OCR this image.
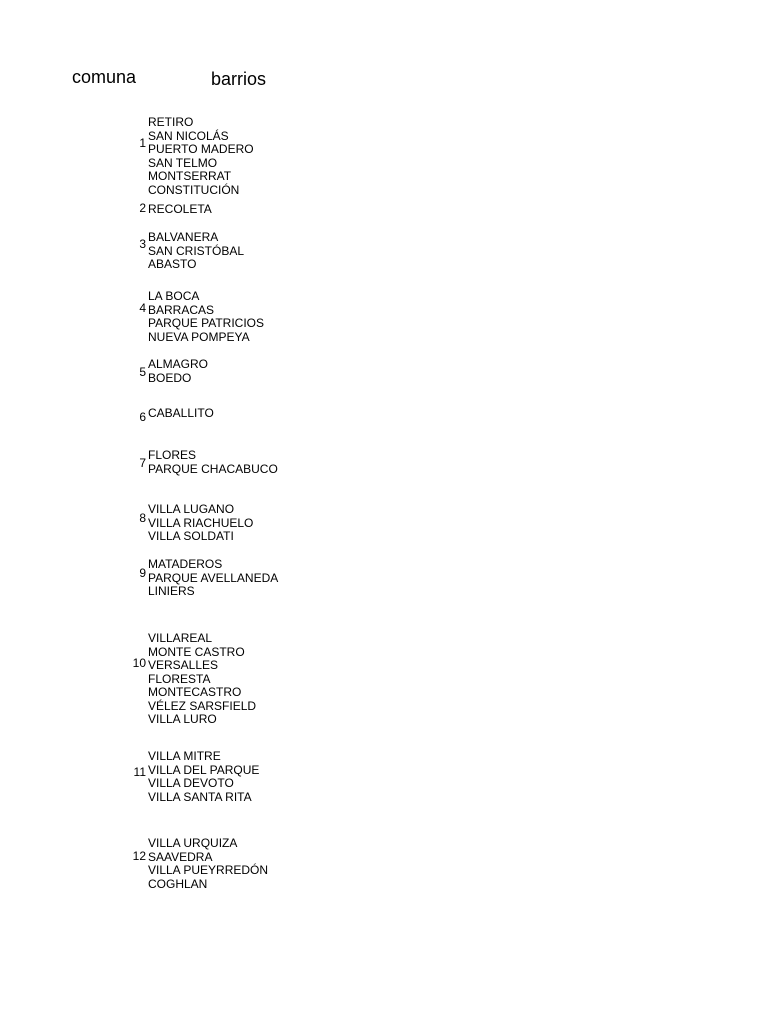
comuna	barrios
1
RETIRO
SAN NICOLÁS
PUERTO MADERO
SAN TELMO
MONTSERRAT
CONSTITUCIÓN
2 RECOLETA
3 BALVANERA
SAN CRISTÓBAL
ABASTO
4
LA BOCA
BARRACAS
PARQUE PATRICIOS
NUEVA POMPEYA
5
ALMAGRO
BOEDO
6 CABALLITO
7
FLORES
PARQUE CHACABUCO
8
VILLA LUGANO
VILLA RIACHUELO
VILLA SOLDATI
9
MATADEROS
PARQUE AVELLANEDA
LINIERS
10
VILLAREAL
MONTE CASTRO
VERSALLES
FLORESTA
MONTECASTRO
VÉLEZ SARSFIELD
VILLA LURO
11
VILLA MITRE
VILLA DEL PARQUE
VILLA DEVOTO
VILLA SANTA RITA
12
VILLA URQUIZA
SAAVEDRA
VILLA PUEYRREDÓN
COGHLAN
